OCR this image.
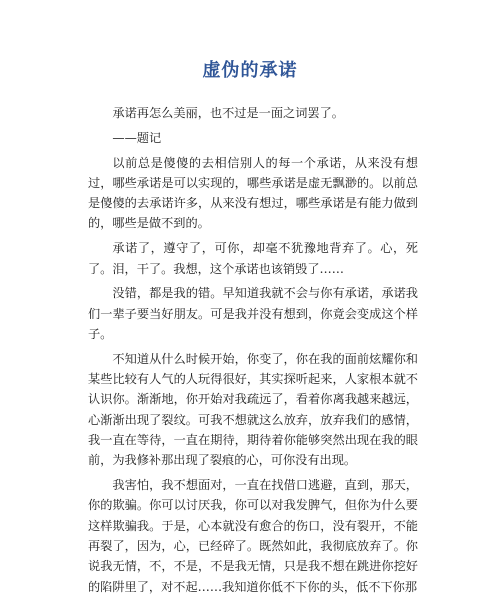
虚伪的承诺

承诺再怎么美丽，也不过是一面之词罢了。

——题记

以前总是傻傻的去相信别人的每一个承诺，从来没有想过，哪些承诺是可以实现的，哪些承诺是虚无飘渺的。以前总是傻傻的去承诺许多，从来没有想过，哪些承诺是有能力做到的，哪些是做不到的。

承诺了，遵守了，可你，却毫不犹豫地背弃了。心，死了。泪，干了。我想，这个承诺也该销毁了……

没错，都是我的错。早知道我就不会与你有承诺，承诺我们一辈子要当好朋友。可是我并没有想到，你竟会变成这个样子。

不知道从什么时候开始，你变了，你在我的面前炫耀你和某些比较有人气的人玩得很好，其实探听起来，人家根本就不认识你。渐渐地，你开始对我疏远了，看着你离我越来越远，心渐渐出现了裂纹。可我不想就这么放弃，放弃我们的感情，我一直在等待，一直在期待，期待着你能够突然出现在我的眼前，为我修补那出现了裂痕的心，可你没有出现。

我害怕，我不想面对，一直在找借口逃避，直到，那天，你的欺骗。你可以讨厌我，你可以对我发脾气，但你为什么要这样欺骗我。于是，心本就没有愈合的伤口，没有裂开，不能再裂了，因为，心，已经碎了。既然如此，我彻底放弃了。你说我无情，不，不是，不是我无情，只是我不想在跳进你挖好的陷阱里了，对不起……我知道你低不下你的头，低不下你那
